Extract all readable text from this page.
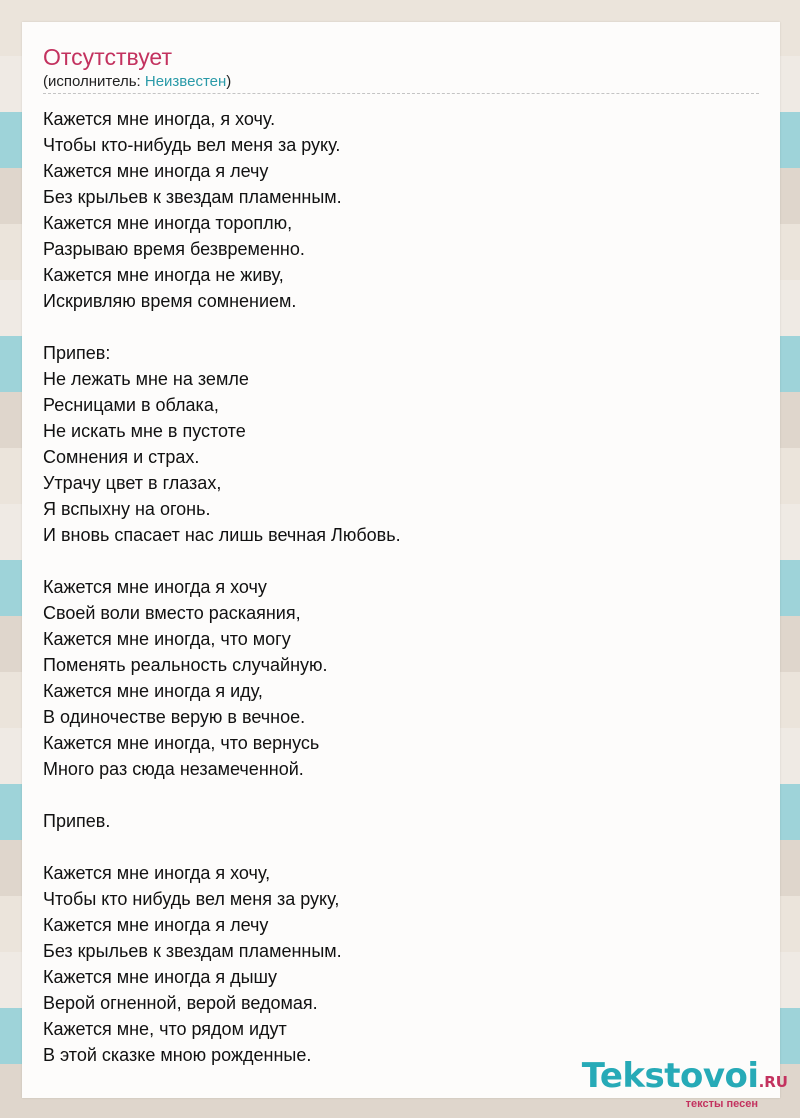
Отсутствует
(исполнитель: Неизвестен)
Кажется мне иногда, я хочу.
Чтобы кто-нибудь вел меня за руку.
Кажется мне иногда я лечу
Без крыльев к звездам пламенным.
Кажется мне иногда тороплю,
Разрываю время безвременно.
Кажется мне иногда не живу,
Искривляю время сомнением.
Припев:
Не лежать мне на земле
Ресницами в облака,
Не искать мне в пустоте
Сомнения и страх.
Утрачу цвет в глазах,
Я вспыхну на огонь.
И вновь спасает нас лишь вечная Любовь.
Кажется мне иногда я хочу
Своей воли вместо раскаяния,
Кажется мне иногда, что могу
Поменять реальность случайную.
Кажется мне иногда я иду,
В одиночестве верую в вечное.
Кажется мне иногда, что вернусь
Много раз сюда незамеченной.
Припев.
Кажется мне иногда я хочу,
Чтобы кто нибудь вел меня за руку,
Кажется мне иногда я лечу
Без крыльев к звездам пламенным.
Кажется мне иногда я дышу
Верой огненной, верой ведомая.
Кажется мне, что рядом идут
В этой сказке мною рожденные.
Tekstovoi.RU
тексты песен
